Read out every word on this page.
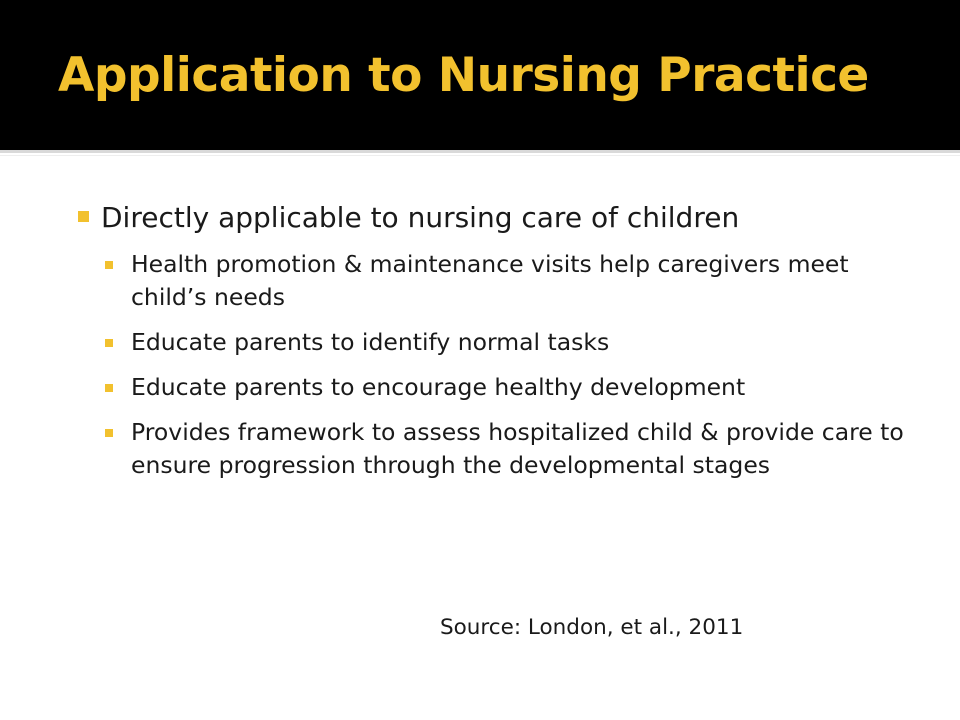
Application to Nursing Practice
Directly applicable to nursing care of children
Health promotion & maintenance visits help caregivers meet child’s needs
Educate parents to identify normal tasks
Educate parents to encourage healthy development
Provides framework to assess hospitalized child & provide care to ensure progression through the developmental stages
Source: London, et al., 2011
